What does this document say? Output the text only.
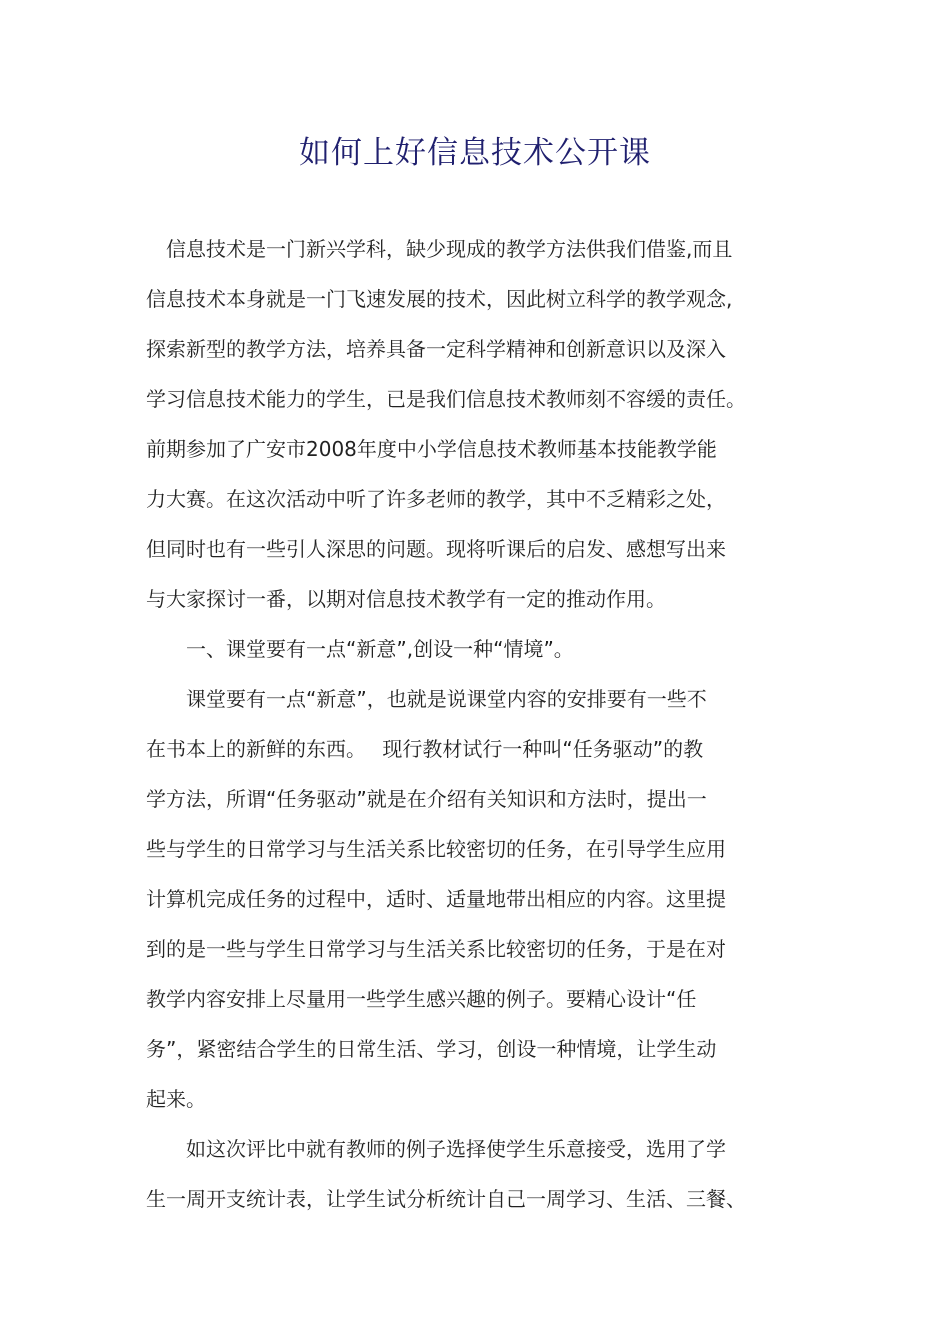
如何上好信息技术公开课
　信息技术是一门新兴学科，缺少现成的教学方法供我们借鉴,而且
信息技术本身就是一门飞速发展的技术，因此树立科学的教学观念,
探索新型的教学方法，培养具备一定科学精神和创新意识以及深入
学习信息技术能力的学生，已是我们信息技术教师刻不容缓的责任。
前期参加了广安市2008年度中小学信息技术教师基本技能教学能
力大赛。在这次活动中听了许多老师的教学，其中不乏精彩之处，
但同时也有一些引人深思的问题。现将听课后的启发、感想写出来
与大家探讨一番，以期对信息技术教学有一定的推动作用。
　　一、课堂要有一点“新意”,创设一种“情境”。
　　课堂要有一点“新意”，也就是说课堂内容的安排要有一些不
在书本上的新鲜的东西。　 现行教材试行一种叫“任务驱动”的教
学方法，所谓“任务驱动”就是在介绍有关知识和方法时，提出一
些与学生的日常学习与生活关系比较密切的任务，在引导学生应用
计算机完成任务的过程中，适时、适量地带出相应的内容。这里提
到的是一些与学生日常学习与生活关系比较密切的任务，于是在对
教学内容安排上尽量用一些学生感兴趣的例子。要精心设计“任
务”，紧密结合学生的日常生活、学习，创设一种情境，让学生动
起来。
　　如这次评比中就有教师的例子选择使学生乐意接受，选用了学
生一周开支统计表，让学生试分析统计自己一周学习、生活、三餐、
